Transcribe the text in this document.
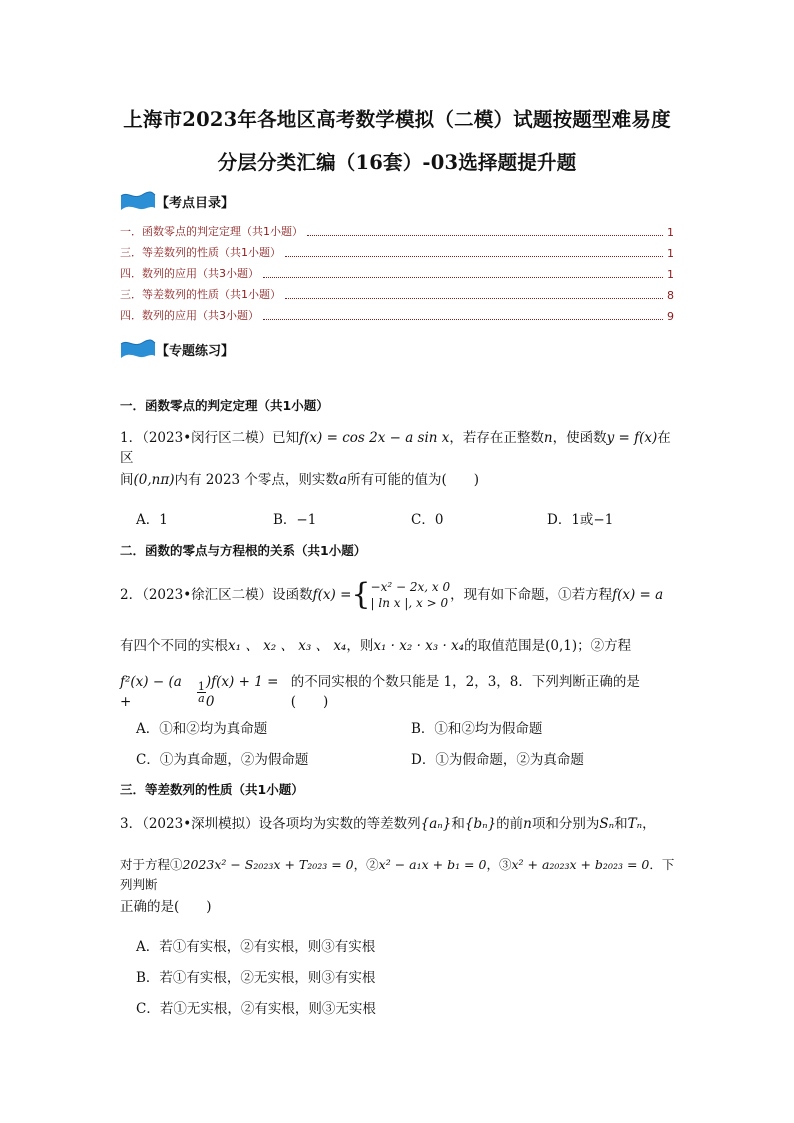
上海市2023年各地区高考数学模拟（二模）试题按题型难易度
分层分类汇编（16套）-03选择题提升题
【考点目录】
一．函数零点的判定定理（共1小题）	1
三．等差数列的性质（共1小题）	1
四．数列的应用（共3小题）	1
三．等差数列的性质（共1小题）	8
四．数列的应用（共3小题）	9
【专题练习】
一．函数零点的判定定理（共1小题）
1．（2023•闵行区二模）已知f(x) = cos 2x − a sin x，若存在正整数n，使函数y = f(x)在区
间(0,nπ)内有 2023 个零点，则实数a所有可能的值为(　　)
A．1	B．−1	C．0	D．1或−1
二．函数的零点与方程根的关系（共1小题）
2．（2023•徐汇区二模）设函数 f(x) = { −x² − 2x, x 0
| ln x |, x > 0 ，现有如下命题，①若方程 f(x) = a
有四个不同的实根x₁ 、 x₂ 、 x₃ 、 x₄，则x₁ · x₂ · x₃ · x₄的取值范围是(0,1)；②方程
f²(x) − (a +	$\frac{1}{a} )f(x) + 1 = 0$
的不同实根的个数只能是 1，2，3，8．下列判断正确的是(　　)
A．①和②均为真命题	B．①和②均为假命题
C．①为真命题，②为假命题	D．①为假命题，②为真命题
三．等差数列的性质（共1小题）
3．（2023•深圳模拟）设各项均为实数的等差数列{aₙ}和{bₙ}的前n项和分别为Sₙ和Tₙ，
对于方程①2023x² − S₂₀₂₃x + T₂₀₂₃ = 0，②x² − a₁x + b₁ = 0，③x² + a₂₀₂₃x + b₂₀₂₃ = 0．下列判断
正确的是(　　)
A．若①有实根，②有实根，则③有实根
B．若①有实根，②无实根，则③有实根
C．若①无实根，②有实根，则③无实根
